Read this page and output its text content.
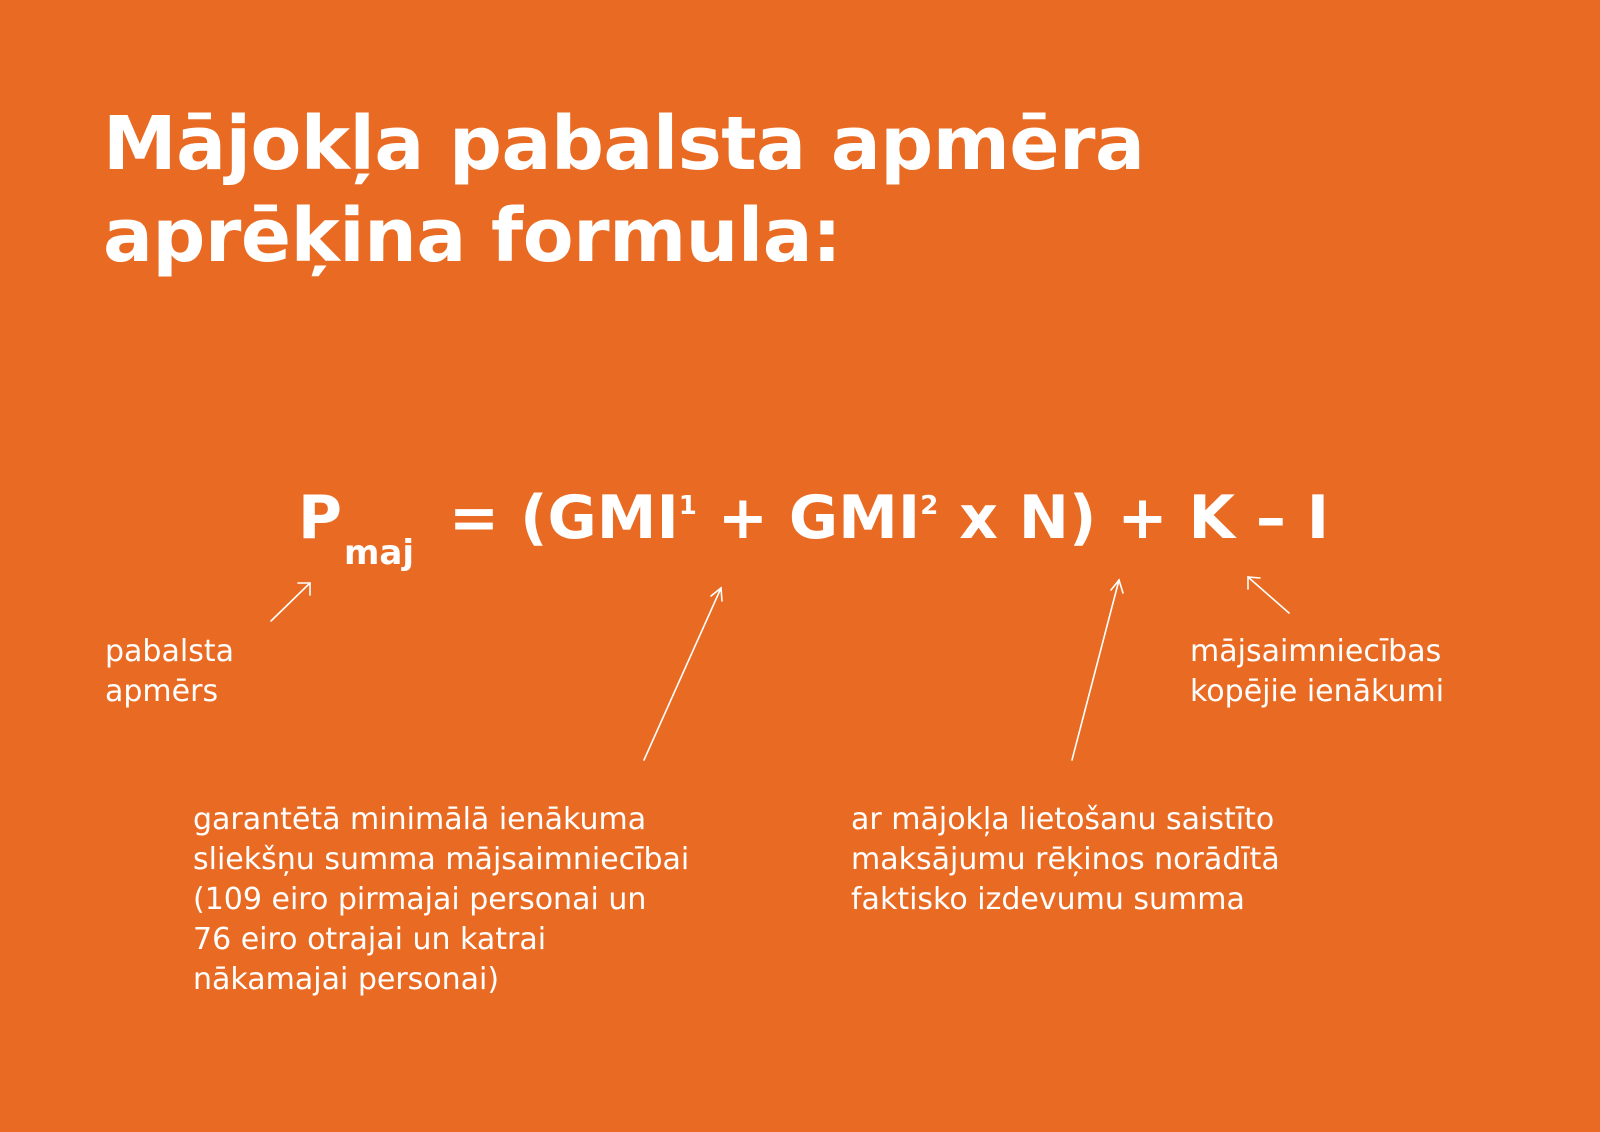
Mājokļa pabalsta apmēra
aprēķina formula:
$P_{maj} = (GMI^1 + GMI^2$ x N) + K – I
pabalsta
apmērs
mājsaimniecības
kopējie ienākumi
garantētā minimālā ienākuma
sliekšņu summa mājsaimniecībai
(109 eiro pirmajai personai un
76 eiro otrajai un katrai
nākamajai personai)
ar mājokļa lietošanu saistīto
maksājumu rēķinos norādītā
faktisko izdevumu summa
